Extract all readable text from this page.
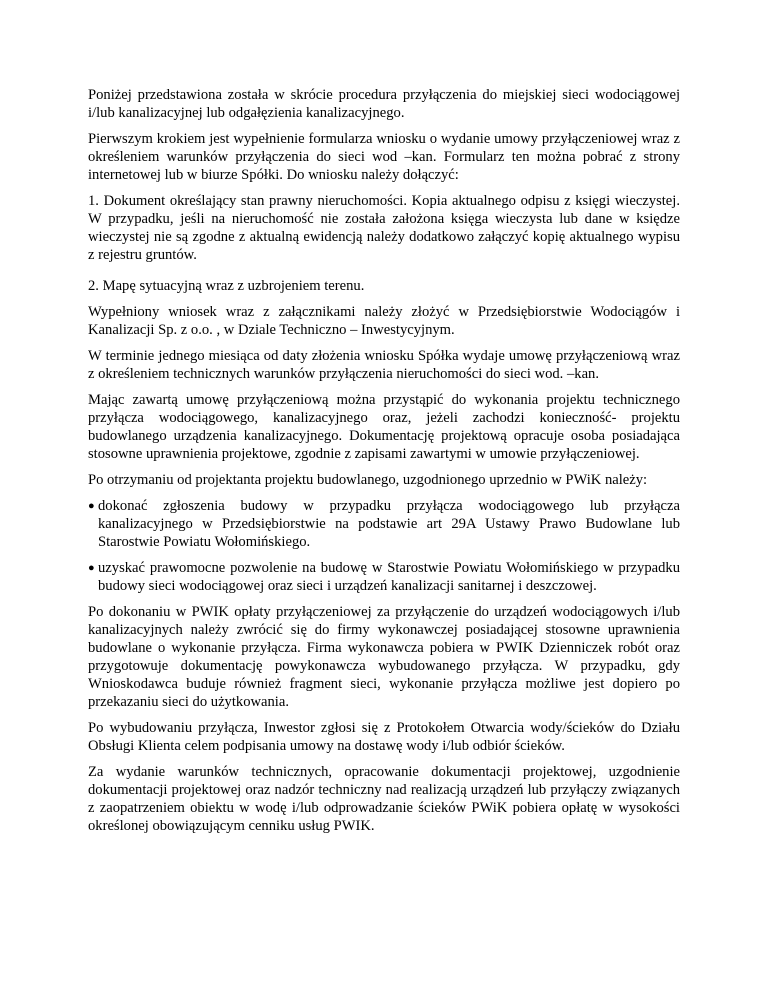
Poniżej przedstawiona została w skrócie procedura przyłączenia do miejskiej sieci wodociągowej i/lub kanalizacyjnej lub odgałęzienia kanalizacyjnego.

Pierwszym krokiem jest wypełnienie formularza wniosku o wydanie umowy przyłączeniowej wraz z określeniem warunków przyłączenia do sieci wod –kan. Formularz ten można pobrać z strony internetowej lub w biurze Spółki. Do wniosku należy dołączyć:

1. Dokument określający stan prawny nieruchomości. Kopia aktualnego odpisu z księgi wieczystej. W przypadku, jeśli na nieruchomość nie została założona księga wieczysta lub dane w księdze wieczystej nie są zgodne z aktualną ewidencją należy dodatkowo załączyć kopię aktualnego wypisu z rejestru gruntów.

2. Mapę sytuacyjną wraz z uzbrojeniem terenu.

Wypełniony wniosek wraz z załącznikami należy złożyć w Przedsiębiorstwie Wodociągów i Kanalizacji Sp. z o.o. , w Dziale Techniczno – Inwestycyjnym.

W terminie jednego miesiąca od daty złożenia wniosku Spółka wydaje umowę przyłączeniową wraz z określeniem technicznych warunków przyłączenia nieruchomości do sieci wod. –kan.

Mając zawartą umowę przyłączeniową można przystąpić do wykonania projektu technicznego przyłącza wodociągowego, kanalizacyjnego oraz, jeżeli zachodzi konieczność- projektu budowlanego urządzenia kanalizacyjnego. Dokumentację projektową opracuje osoba posiadająca stosowne uprawnienia projektowe, zgodnie z zapisami zawartymi w umowie przyłączeniowej.

Po otrzymaniu od projektanta projektu budowlanego, uzgodnionego uprzednio w PWiK należy:

● dokonać zgłoszenia budowy w przypadku przyłącza wodociągowego lub przyłącza kanalizacyjnego w Przedsiębiorstwie na podstawie art 29A Ustawy Prawo Budowlane lub Starostwie Powiatu Wołomińskiego.
● uzyskać prawomocne pozwolenie na budowę w Starostwie Powiatu Wołomińskiego w przypadku budowy sieci wodociągowej oraz sieci i urządzeń kanalizacji sanitarnej i deszczowej.

Po dokonaniu w PWIK opłaty przyłączeniowej za przyłączenie do urządzeń wodociągowych i/lub kanalizacyjnych należy zwrócić się do firmy wykonawczej posiadającej stosowne uprawnienia budowlane o wykonanie przyłącza. Firma wykonawcza pobiera w PWIK Dzienniczek robót oraz przygotowuje dokumentację powykonawcza wybudowanego przyłącza. W przypadku, gdy Wnioskodawca buduje również fragment sieci, wykonanie przyłącza możliwe jest dopiero po przekazaniu sieci do użytkowania.

Po wybudowaniu przyłącza, Inwestor zgłosi się z Protokołem Otwarcia wody/ścieków do Działu Obsługi Klienta celem podpisania umowy na dostawę wody i/lub odbiór ścieków.

Za wydanie warunków technicznych, opracowanie dokumentacji projektowej, uzgodnienie dokumentacji projektowej oraz nadzór techniczny nad realizacją urządzeń lub przyłączy związanych z zaopatrzeniem obiektu w wodę i/lub odprowadzanie ścieków PWiK pobiera opłatę w wysokości określonej obowiązującym cenniku usług PWIK.
